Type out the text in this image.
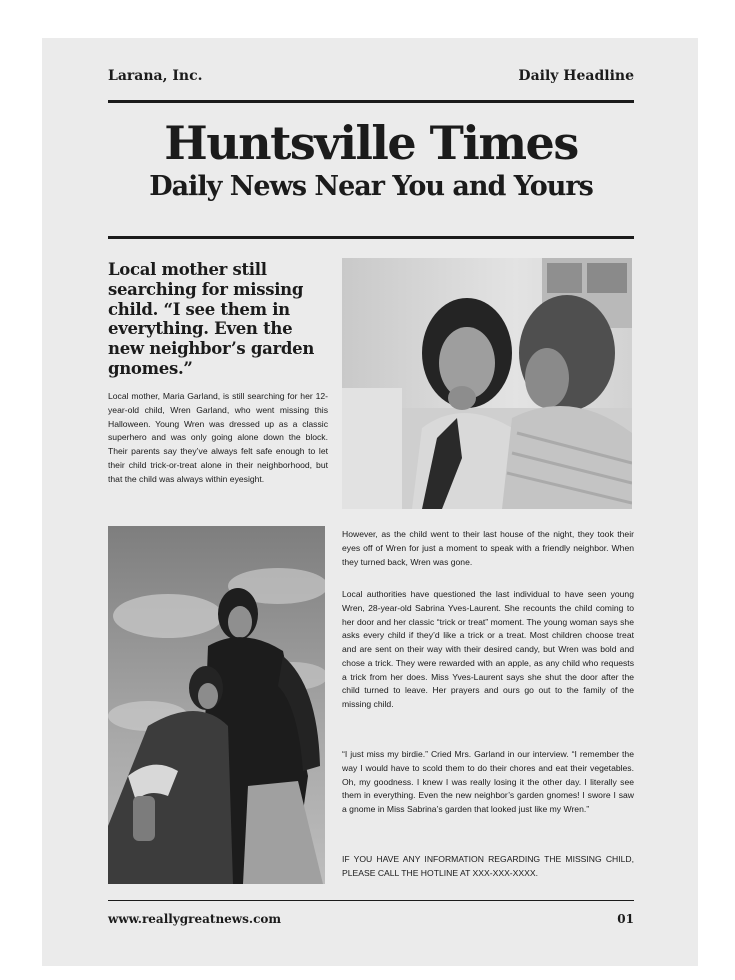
Larana, Inc.	Daily Headline
Huntsville Times
Daily News Near You and Yours
Local mother still searching for missing child. “I see them in everything. Even the new neighbor’s garden gnomes.”

Local mother, Maria Garland, is still searching for her 12-year-old child, Wren Garland, who went missing this Halloween. Young Wren was dressed up as a classic superhero and was only going alone down the block. Their parents say they’ve always felt safe enough to let their child trick-or-treat alone in their neighborhood, but that the child was always within eyesight.

However, as the child went to their last house of the night, they took their eyes off of Wren for just a moment to speak with a friendly neighbor. When they turned back, Wren was gone.

Local authorities have questioned the last individual to have seen young Wren, 28-year-old Sabrina Yves-Laurent. She recounts the child coming to her door and her classic “trick or treat” moment. The young woman says she asks every child if they’d like a trick or a treat. Most children choose treat and are sent on their way with their desired candy, but Wren was bold and chose a trick. They were rewarded with an apple, as any child who requests a trick from her does. Miss Yves-Laurent says she shut the door after the child turned to leave. Her prayers and ours go out to the family of the missing child.

“I just miss my birdie.” Cried Mrs. Garland in our interview. “I remember the way I would have to scold them to do their chores and eat their vegetables. Oh, my goodness. I knew I was really losing it the other day. I literally see them in everything. Even the new neighbor’s garden gnomes! I swore I saw a gnome in Miss Sabrina’s garden that looked just like my Wren.”

IF YOU HAVE ANY INFORMATION REGARDING THE MISSING CHILD, PLEASE CALL THE HOTLINE AT XXX-XXX-XXXX.

www.reallygreatnews.com	01
